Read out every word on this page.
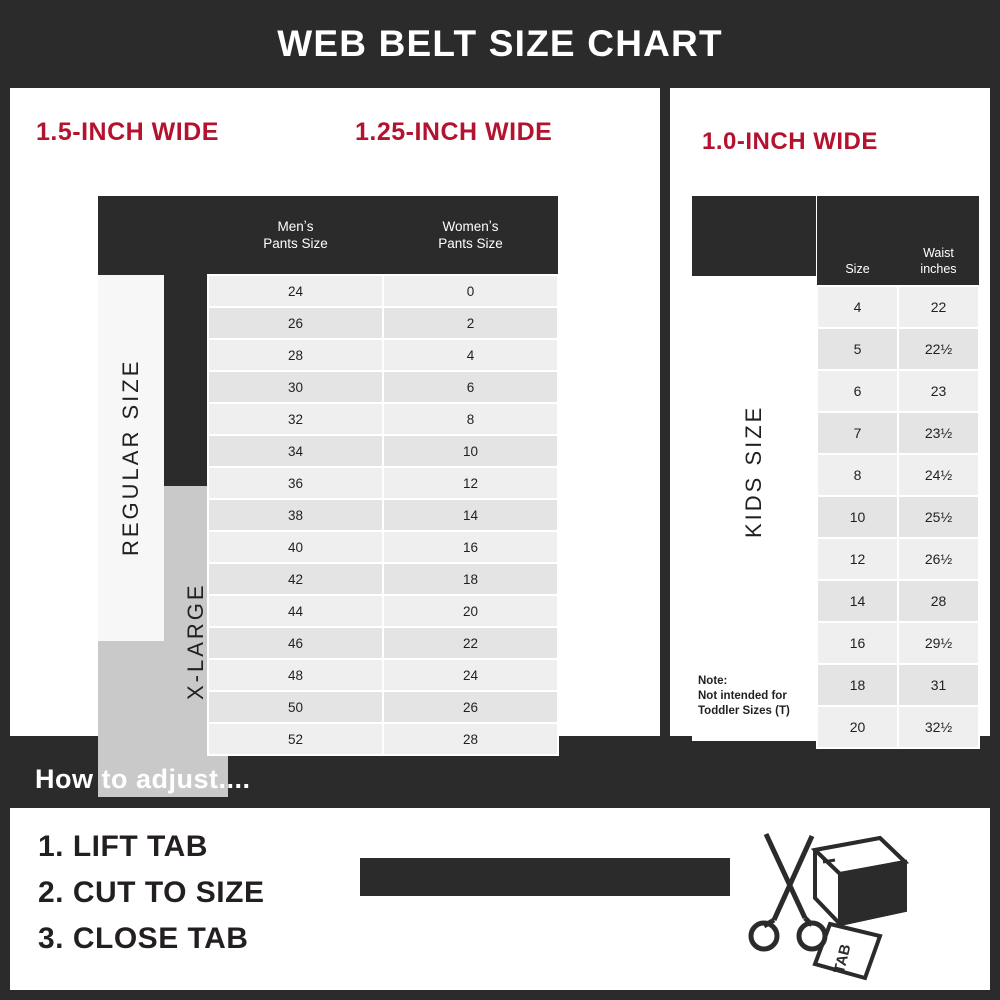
WEB BELT SIZE CHART
1.5-INCH WIDE	1.25-INCH WIDE
REGULAR SIZE
X-LARGE

Menʼs
Pants Size

Womenʼs
Pants Size

	24	0
	26	2
	28	4
	30	6
	32	8
	34	10
	36	12
	38	14
	40	16
	42	18
	44	20
	46	22
	48	24
	50	26
	52	28
1.0-INCH WIDE
KIDS SIZE
Note:
Not intended for
Toddler Sizes (T)
Size	Waist
inches

4	22
5	22½
6	23
7	23½
8	24½
10	25½
12	26½
14	28
16	29½
18	31
20	32½
How to adjust....
1. LIFT TAB
2. CUT TO SIZE
3. CLOSE TAB
TAB
